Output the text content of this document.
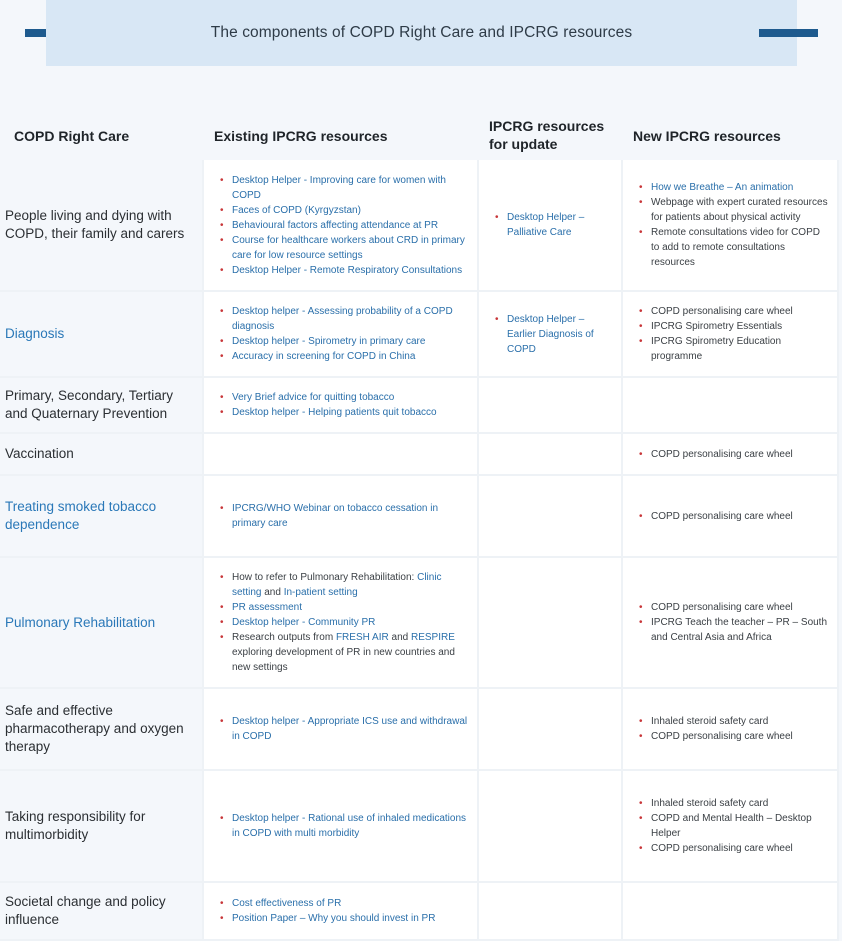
The components of COPD Right Care and IPCRG resources
COPD Right Care	Existing IPCRG resources
IPCRG resources for update	New IPCRG resources
People living and dying with COPD, their family and carers
• Desktop Helper - Improving care for women with COPD
• Faces of COPD (Kyrgyzstan)
• Behavioural factors affecting attendance at PR
• Course for healthcare workers about CRD in primary care for low resource settings
• Desktop Helper - Remote Respiratory Consultations
• Desktop Helper – Palliative Care
• How we Breathe – An animation
• Webpage with expert curated resources for patients about physical activity
• Remote consultations video for COPD to add to remote consultations resources
Diagnosis
• Desktop helper - Assessing probability of a COPD diagnosis
• Desktop helper - Spirometry in primary care
• Accuracy in screening for COPD in China
• Desktop Helper – Earlier Diagnosis of COPD
• COPD personalising care wheel
• IPCRG Spirometry Essentials
• IPCRG Spirometry Education programme
Primary, Secondary, Tertiary and Quaternary Prevention
• Very Brief advice for quitting tobacco
• Desktop helper - Helping patients quit tobacco
Vaccination
•	COPD personalising care wheel
Treating smoked tobacco dependence
• IPCRG/WHO Webinar on tobacco cessation in primary care
• COPD personalising care wheel
Pulmonary Rehabilitation
• How to refer to Pulmonary Rehabilitation: Clinic setting and In-patient setting
• PR assessment
• Desktop helper - Community PR
• Research outputs from FRESH AIR and RESPIRE exploring development of PR in new countries and new settings
• COPD personalising care wheel
• IPCRG Teach the teacher – PR – South and Central Asia and Africa
Safe and effective pharmacotherapy and oxygen therapy
• Desktop helper - Appropriate ICS use and withdrawal in COPD
• Inhaled steroid safety card
• COPD personalising care wheel
Taking responsibility for multimorbidity
• Desktop helper - Rational use of inhaled medications in COPD with multi morbidity
• Inhaled steroid safety card
• COPD and Mental Health – Desktop Helper
• COPD personalising care wheel
Societal change and policy influence
• Cost effectiveness of PR
• Position Paper – Why you should invest in PR
